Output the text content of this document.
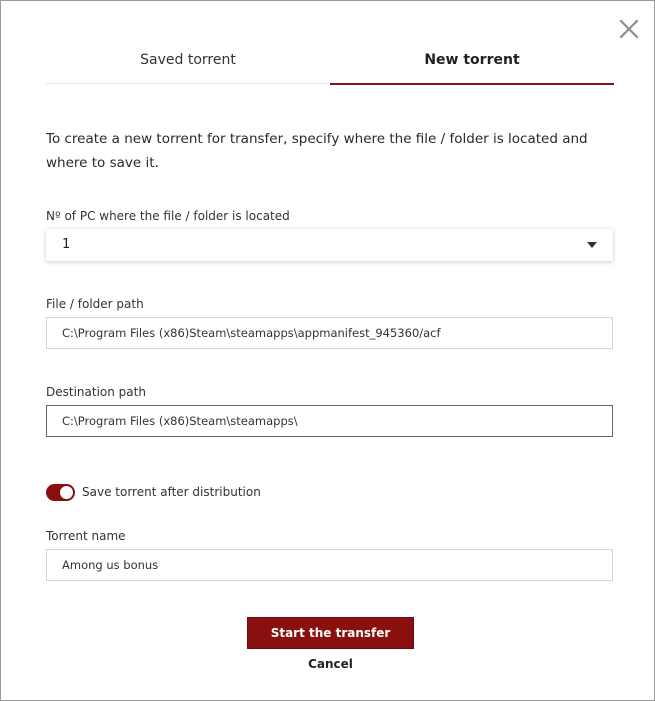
Saved torrent	New torrent
To create a new torrent for transfer, specify where the file / folder is located and where to save it.
Nº of PC where the file / folder is located
1
File / folder path
C:\Program Files (x86)Steam\steamapps\appmanifest_945360/acf
Destination path
C:\Program Files (x86)Steam\steamapps\
Save torrent after distribution
Torrent name
Among us bonus
Start the transfer
Cancel
